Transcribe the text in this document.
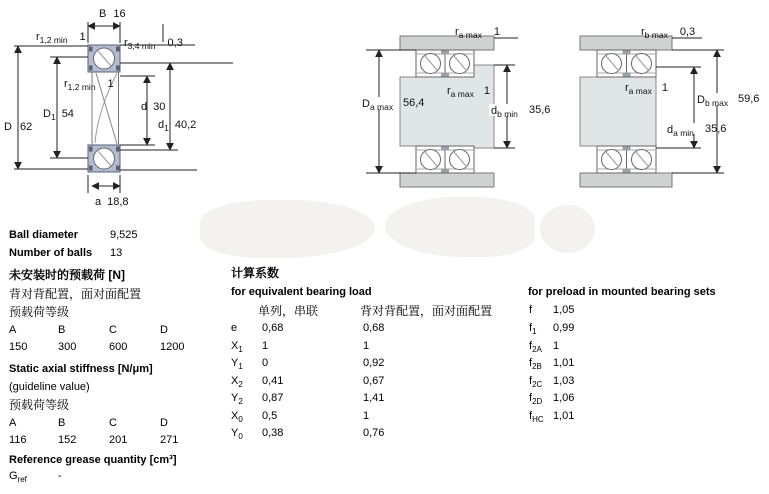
B 16
$r_{1,2 min}$ 1	$r_{3,4 min}$ 0,3
$r_{1,2 min}$ 1
$D_1$ 54
d 30
$d_1$ 40,2
D 62
a 18,8
$r_{a max}$ 1
$r_{a max}$ 1
$D_{a max}$ 56,4
$d_{b min}$ 35,6
$r_{b max}$ 0,3
$r_{a max}$ 1
$D_{b max}$ 59,6
$d_{a min}$ 35,6
Ball diameter	9,525
Number of balls 13
未安装时的预载荷 [N]
背对背配置，面对面配置
预载荷等级
A	B	C	D
150	300	600	1200
Static axial stiffness [N/μm]
(guideline value)
预载荷等级
A	B	C	D
116	152	201	271
Reference grease quantity [cm³]
$G_{ref}$	-
计算系数
for equivalent bearing load
单列，串联	背对背配置，面对面配置
e 0,68	0,68
$X_1$ 1	1
$Y_1$ 0	0,92
$X_2$ 0,41	0,67
$Y_2$ 0,87	1,41
$X_0$ 0,5	1
$Y_0$ 0,38	0,76
for preload in mounted bearing sets
f 1,05
$f_1$ 0,99
$f_{2A}$ 1
$f_{2B}$ 1,01
$f_{2C}$ 1,03
$f_{2D}$ 1,06
$f_{HC}$ 1,01
